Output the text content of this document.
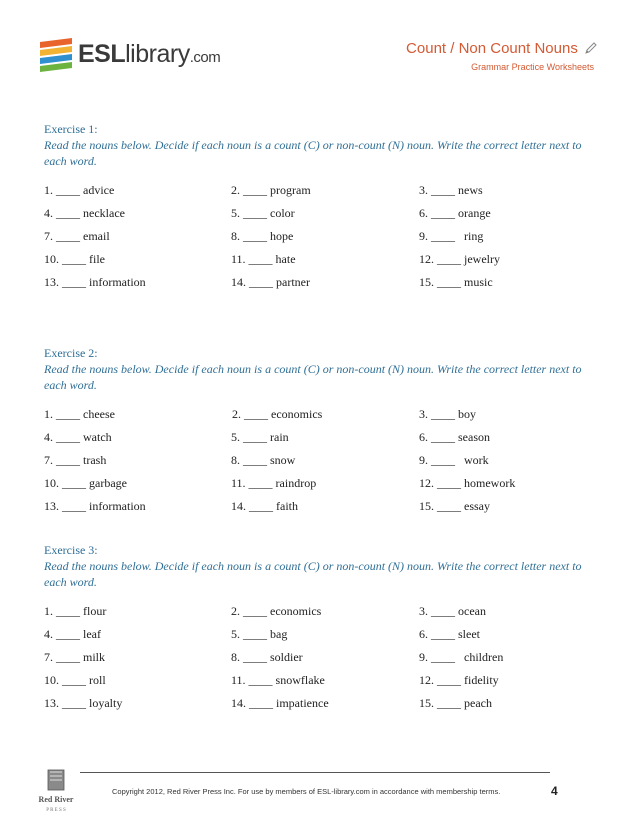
ESLlibrary.com
Count / Non Count Nouns
Grammar Practice Worksheets
Exercise 1:
Read the nouns below. Decide if each noun is a count (C) or non-count (N) noun. Write the correct letter next to each word.
1. ____ advice	2. ____ program	3. ____ news
4. ____ necklace	5. ____ color	6. ____ orange
7. ____ email	8. ____ hope	9. ____   ring
10. ____ file	11. ____ hate	12. ____ jewelry
13. ____ information	14. ____ partner	15. ____ music
Exercise 2:
Read the nouns below. Decide if each noun is a count (C) or non-count (N) noun. Write the correct letter next to each word.
1. ____ cheese	2. ____ economics	3. ____ boy
4. ____ watch	5. ____ rain	6. ____ season
7. ____ trash	8. ____ snow	9. ____   work
10. ____ garbage	11. ____ raindrop	12. ____ homework
13. ____ information	14. ____ faith	15. ____ essay
Exercise 3:
Read the nouns below. Decide if each noun is a count (C) or non-count (N) noun. Write the correct letter next to each word.
1. ____ flour	2. ____ economics	3. ____ ocean
4. ____ leaf	5. ____ bag	6. ____ sleet
7. ____ milk	8. ____ soldier	9. ____   children
10. ____ roll	11. ____ snowflake	12. ____ fidelity
13. ____ loyalty	14. ____ impatience	15. ____ peach
Red River
P R E S S
Copyright 2012, Red River Press Inc. For use by members of ESL-library.com in accordance with membership terms.	4
